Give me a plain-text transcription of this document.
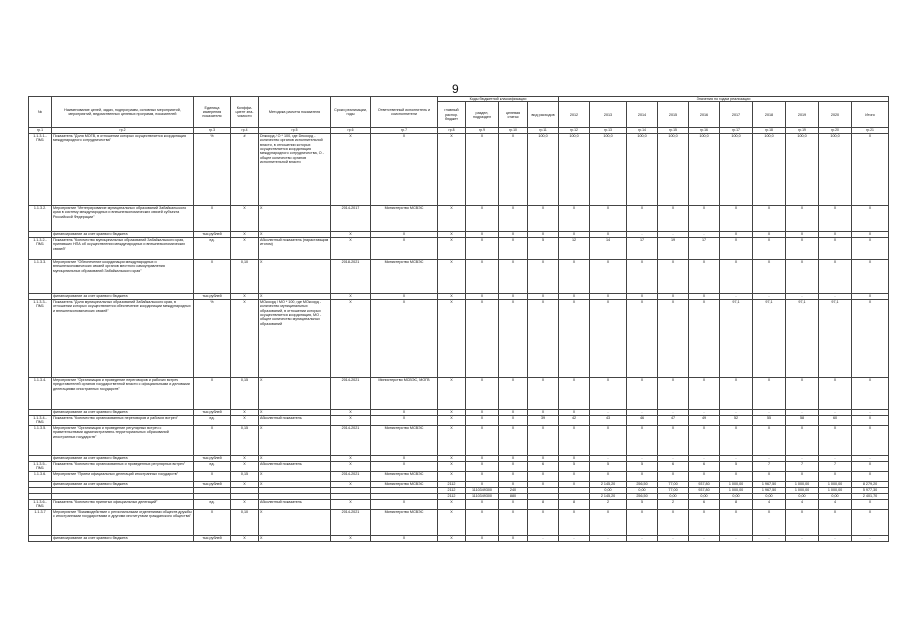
9
№	Наименование целей, задач, подпрограмм, основных мероприятий, мероприятий, ведомственных целевых программ, показателей	Единица измерения показателя	Коэффи-циент зна-чимости	Методика расчета показателя	Сроки реализации, годы	Ответственный исполнитель и соисполнители	Коды бюджетной классификации				Значения по годам реализации									
							главный распор. бюджет	раздел, подраздел	целевая статья	вид расходов	2012	2013	2014	2015	2016	2017	2018	2019	2020	Итого
гр.1	гр.2	гр.3	гр.4	гр.5	гр.6	гр.7	гр.8	гр.9	гр.10	гр.11	гр.12	гр.13	гр.14	гр.15	гр.16	гр.17	гр.18	гр.19	гр.20	гр.21
1.1.3.1.-ПМ1	Показатель "Доля МОГВ, в отношении которых осуществляется координация международного сотрудничества"	%	#	Dнкоорд / О * 100, где Dнкоорд - количество органов исполнительной власти, в отношении которых осуществляется координация международного сотрудничества, О - общее количество органов исполнительной власти	X	X	X	X	X	100,0	100,0	100,0	100,0	100,0	100,0	100,0	100,0	100,0	100,0	X
1.1.3.2.	Мероприятие "Интегрирование муниципальных образований Забайкальского края в систему международных и внешнеэкономических связей субъекта Российской Федерации"	X	X	X	2014-2017	Министерство МСВЭС	X	X	X	X	X	X	X	X	X	X	X	X	X	X
	финансирование за счет краевого бюджета	тыс.рублей	X	X	X	X	X	X	X	X	X	X	-	-	-	X	X	X	X	X
1.1.3.2.-ПМ1	Показатель "Количество муниципальных образований Забайкальского края, принявших НПА об осуществлении международных и внешнеэкономических связей"	ед.	X	Абсолютный показатель (нарастающим итогом)	X	X	X	X	X	5	12	14	17	19	17	X	X	X	X	X
1.1.3.3.	Мероприятие "Обеспечение координации международных и внешнеэкономических связей органов местного самоуправления муниципальных образований Забайкальского края"	X	0,10	X	2018-2021	Министерство МСВЭС	X	X	X	X	X	X	X	X	X	X	X	X	X	X
	финансирование за счет краевого бюджета	тыс.рублей	X	X	X	X	X	X	X	X	X	X	X	X	X	-	-	-	-	X
1.1.3.3.-ПМ1	Показатель "Доля муниципальных образований Забайкальского края, в отношении которых осуществляется обеспечение координации международных и внешнеэкономических связей"	%	X	МОкоорд / МО * 100, где МОкоорд - количество муниципальных образований, в отношении которых осуществляется координация, МО - общее количество муниципальных образований	X	X	X	X	X	X	X	X	X	X	X	97,1	97,1	97,1	97,1	X
1.1.3.4.	Мероприятие "Организация и проведение переговоров и рабочих встреч представителей органов государственной власти с официальными и деловыми делегациями иностранных государств"	X	0,15	X	2014-2021	Министерство МСВЭС, МОГВ	X	X	X	X	X	X	X	X	X	X	X	X	X	X
	финансирование за счет краевого бюджета	тыс.рублей	X	X	X	X	X	X	X	X	X	-	-	-	-	-	-	-	-	-
1.1.3.4.-ПМ1	Показатель "Количество организованных переговоров и рабочих встреч"	ед.	X	Абсолютный показатель	X	X	X	X	X	39	42	43	46	47	49	52	55	58	60	X
1.1.3.5.	Мероприятие "Организация и проведение регулярных встреч с правительствами административно-территориальных образований иностранных государств"	X	0,15	X	2014-2021	Министерство МСВЭС	X	X	X	X	X	X	X	X	X	X	X	X	X	X
	финансирование за счет краевого бюджета	тыс.рублей	X	X	X	X	X	X	X	X	X	-	-	-	-	-	-	-	-	-
1.1.3.5.-ПМ1	Показатель "Количество организованных и проведенных регулярных встреч"	ед.	X	Абсолютный показатель	X	X	X	X	X	6	5	5	5	6	6	5	7	7	7	X
1.1.3.6.	Мероприятие "Прием официальных делегаций иностранных государств"	X	0,15	X	2014-2021	Министерство МСВЭС	X	X	X	X	X	X	X	X	X	X	X	X	X	X
	финансирование за счет краевого бюджета	тыс.рублей	X	X	X	Министерство МСВЭС	2112	X	X	X	X	2 145,20	256,50	77,00	937,80	1 000,00	1 967,50	1 000,00	1 000,00	8 279,20
							2112	1110349300	240			0,00	0,00	77,00	937,80	1 000,00	1 967,50	1 000,00	1 000,00	5 977,30
							2112	1110349300	880			2 145,20	256,50	0,00	0,00	0,00	0,00	0,00	0,00	2 401,70
1.1.3.6.-ПМ1	Показатель "Количество принятых официальных делегаций"	ед.	X	Абсолютный показатель	X	X	X	X	X	8	8	2	5	2	6	8	4	4	4	X
1.1.3.7	Мероприятие "Взаимодействие с региональными отделениями обществ дружбы с иностранными государствами и другими институтами гражданского общества"	X	0,10	X	2014-2021	Министерство МСВЭС	X	X	X	X	X	X	X	X	X	X	X	X	X	X
	финансирование за счет краевого бюджета	тыс.рублей	X	X	X	X	X	X	X	-	-	-	-	-	-	-	-	-	-	-
